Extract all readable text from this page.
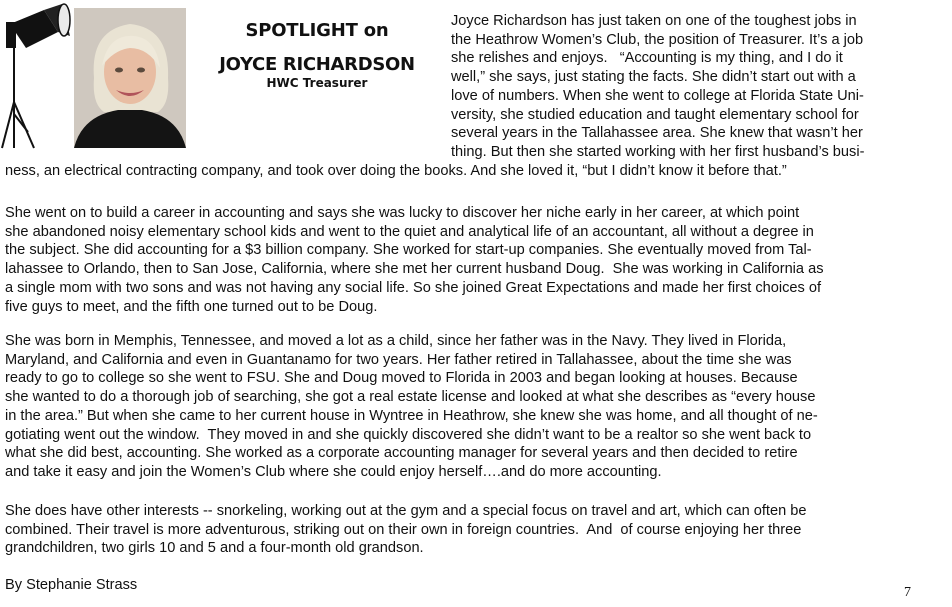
SPOTLIGHT on
JOYCE RICHARDSON
HWC Treasurer
Joyce Richardson has just taken on one of the toughest jobs in
the Heathrow Women’s Club, the position of Treasurer. It’s a job
she relishes and enjoys.   “Accounting is my thing, and I do it
well,” she says, just stating the facts. She didn’t start out with a
love of numbers. When she went to college at Florida State Uni-
versity, she studied education and taught elementary school for
several years in the Tallahassee area. She knew that wasn’t her
thing. But then she started working with her first husband’s busi-
ness, an electrical contracting company, and took over doing the books. And she loved it, “but I didn’t know it before that.”
She went on to build a career in accounting and says she was lucky to discover her niche early in her career, at which point
she abandoned noisy elementary school kids and went to the quiet and analytical life of an accountant, all without a degree in
the subject. She did accounting for a $3 billion company. She worked for start-up companies. She eventually moved from Tal-
lahassee to Orlando, then to San Jose, California, where she met her current husband Doug.  She was working in California as
a single mom with two sons and was not having any social life. So she joined Great Expectations and made her first choices of
five guys to meet, and the fifth one turned out to be Doug.
She was born in Memphis, Tennessee, and moved a lot as a child, since her father was in the Navy. They lived in Florida,
Maryland, and California and even in Guantanamo for two years. Her father retired in Tallahassee, about the time she was
ready to go to college so she went to FSU. She and Doug moved to Florida in 2003 and began looking at houses. Because
she wanted to do a thorough job of searching, she got a real estate license and looked at what she describes as “every house
in the area.” But when she came to her current house in Wyntree in Heathrow, she knew she was home, and all thought of ne-
gotiating went out the window.  They moved in and she quickly discovered she didn’t want to be a realtor so she went back to
what she did best, accounting. She worked as a corporate accounting manager for several years and then decided to retire
and take it easy and join the Women’s Club where she could enjoy herself….and do more accounting.
She does have other interests -- snorkeling, working out at the gym and a special focus on travel and art, which can often be
combined. Their travel is more adventurous, striking out on their own in foreign countries.  And  of course enjoying her three
grandchildren, two girls 10 and 5 and a four-month old grandson.
By Stephanie Strass	7
